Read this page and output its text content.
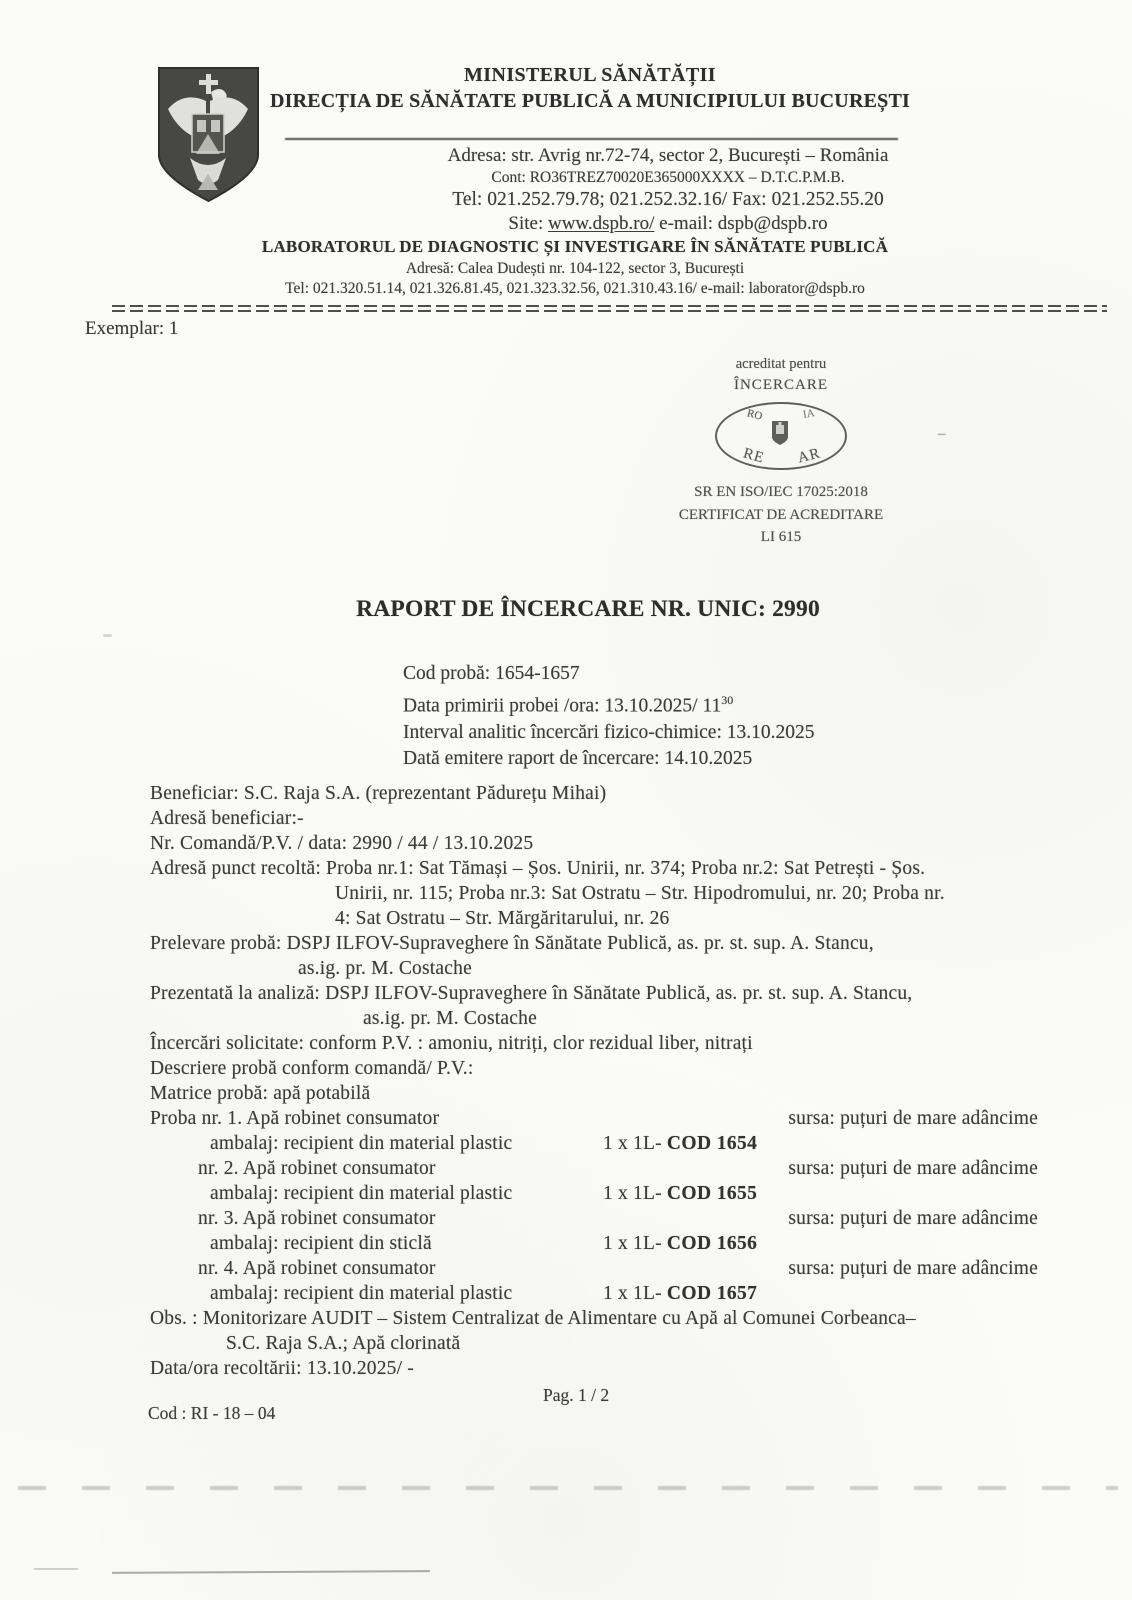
MINISTERUL SĂNĂTĂȚII
DIRECȚIA DE SĂNĂTATE PUBLICĂ A MUNICIPIULUI BUCUREȘTI
Adresa: str. Avrig nr.72-74, sector 2, București – România
Cont: RO36TREZ70020E365000XXXX – D.T.C.P.M.B.
Tel: 021.252.79.78; 021.252.32.16/ Fax: 021.252.55.20
Site: www.dspb.ro/ e-mail: dspb@dspb.ro
LABORATORUL DE DIAGNOSTIC ȘI INVESTIGARE ÎN SĂNĂTATE PUBLICĂ
Adresă: Calea Dudești nr. 104-122, sector 3, București
Tel: 021.320.51.14, 021.326.81.45, 021.323.32.56, 021.310.43.16/ e-mail: laborator@dspb.ro
Exemplar: 1
acreditat pentru
ÎNCERCARE
RO	IA
RE AR
SR EN ISO/IEC 17025:2018
CERTIFICAT DE ACREDITARE
LI 615
–
RAPORT DE ÎNCERCARE NR. UNIC: 2990
Cod probă: 1654-1657
Data primirii probei /ora: 13.10.2025/ $11^{30}$
Interval analitic încercări fizico-chimice: 13.10.2025
Dată emitere raport de încercare: 14.10.2025
Beneficiar: S.C. Raja S.A. (reprezentant Pădurețu Mihai)
Adresă beneficiar:-
Nr. Comandă/P.V. / data: 2990 / 44 / 13.10.2025
Adresă punct recoltă: Proba nr.1: Sat Tămași – Șos. Unirii, nr. 374; Proba nr.2: Sat Petrești - Șos.
Unirii, nr. 115; Proba nr.3: Sat Ostratu – Str. Hipodromului, nr. 20; Proba nr.
4: Sat Ostratu – Str. Mărgăritarului, nr. 26
Prelevare probă: DSPJ ILFOV-Supraveghere în Sănătate Publică, as. pr. st. sup. A. Stancu,
as.ig. pr. M. Costache
Prezentată la analiză: DSPJ ILFOV-Supraveghere în Sănătate Publică, as. pr. st. sup. A. Stancu,
as.ig. pr. M. Costache
Încercări solicitate: conform P.V. : amoniu, nitriți, clor rezidual liber, nitrați
Descriere probă conform comandă/ P.V.:
Matrice probă: apă potabilă
Proba nr. 1. Apă robinet consumator	sursa: puțuri de mare adâncime
ambalaj: recipient din material plastic	1 x 1L- COD 1654
nr. 2. Apă robinet consumator	sursa: puțuri de mare adâncime
ambalaj: recipient din material plastic	1 x 1L- COD 1655
nr. 3. Apă robinet consumator	sursa: puțuri de mare adâncime
ambalaj: recipient din sticlă	1 x 1L- COD 1656
nr. 4. Apă robinet consumator	sursa: puțuri de mare adâncime
ambalaj: recipient din material plastic	1 x 1L- COD 1657
Obs. : Monitorizare AUDIT – Sistem Centralizat de Alimentare cu Apă al Comunei Corbeanca–
S.C. Raja S.A.; Apă clorinată
Data/ora recoltării: 13.10.2025/ -
Pag. 1 / 2
Cod : RI - 18 – 04
